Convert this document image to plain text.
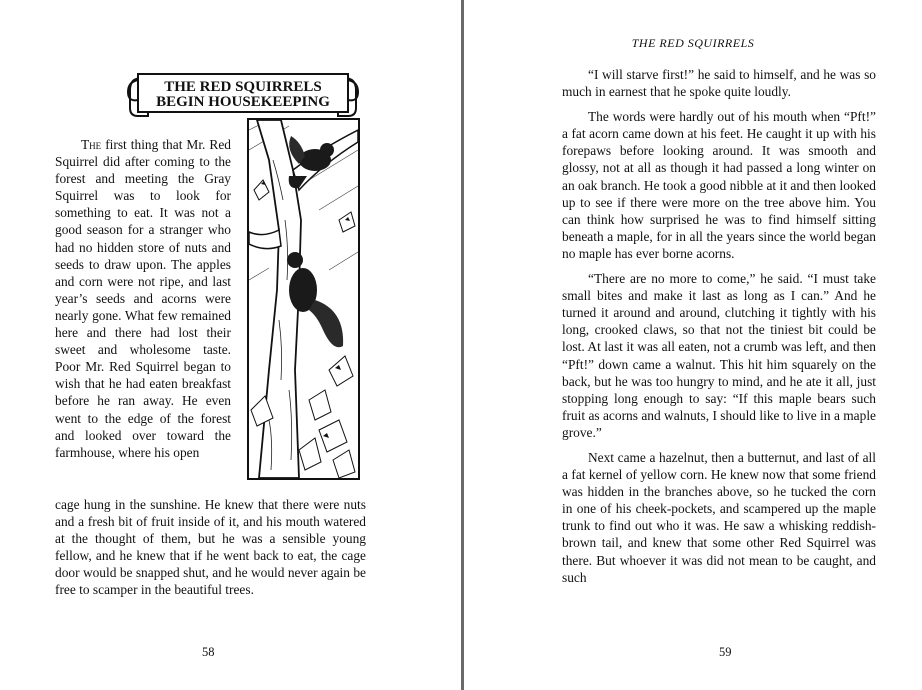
THE RED SQUIRRELS
BEGIN HOUSEKEEPING

The first thing that Mr. Red Squirrel did after coming to the forest and meeting the Gray Squirrel was to look for something to eat. It was not a good season for a stranger who had no hidden store of nuts and seeds to draw upon. The apples and corn were not ripe, and last year’s seeds and acorns were nearly gone. What few remained here and there had lost their sweet and wholesome taste. Poor Mr. Red Squirrel began to wish that he had eaten breakfast before he ran away. He even went to the edge of the forest and looked over toward the farmhouse, where his open

cage hung in the sunshine. He knew that there were nuts and a fresh bit of fruit inside of it, and his mouth watered at the thought of them, but he was a sensible young fellow, and he knew that if he went back to eat, the cage door would be snapped shut, and he would never again be free to scamper in the beautiful trees.

58
THE RED SQUIRRELS

“I will starve first!” he said to himself, and he was so much in earnest that he spoke quite loudly.

The words were hardly out of his mouth when “Pft!” a fat acorn came down at his feet. He caught it up with his forepaws before looking around. It was smooth and glossy, not at all as though it had passed a long winter on an oak branch. He took a good nibble at it and then looked up to see if there were more on the tree above him. You can think how surprised he was to find himself sitting beneath a maple, for in all the years since the world began no maple has ever borne acorns.

“There are no more to come,” he said. “I must take small bites and make it last as long as I can.” And he turned it around and around, clutching it tightly with his long, crooked claws, so that not the tiniest bit could be lost. At last it was all eaten, not a crumb was left, and then “Pft!” down came a walnut. This hit him squarely on the back, but he was too hungry to mind, and he ate it all, just stopping long enough to say: “If this maple bears such fruit as acorns and walnuts, I should like to live in a maple grove.”

Next came a hazelnut, then a butternut, and last of all a fat kernel of yellow corn. He knew now that some friend was hidden in the branches above, so he tucked the corn in one of his cheek-pockets, and scampered up the maple trunk to find out who it was. He saw a whisking reddish-brown tail, and knew that some other Red Squirrel was there. But whoever it was did not mean to be caught, and such

59
